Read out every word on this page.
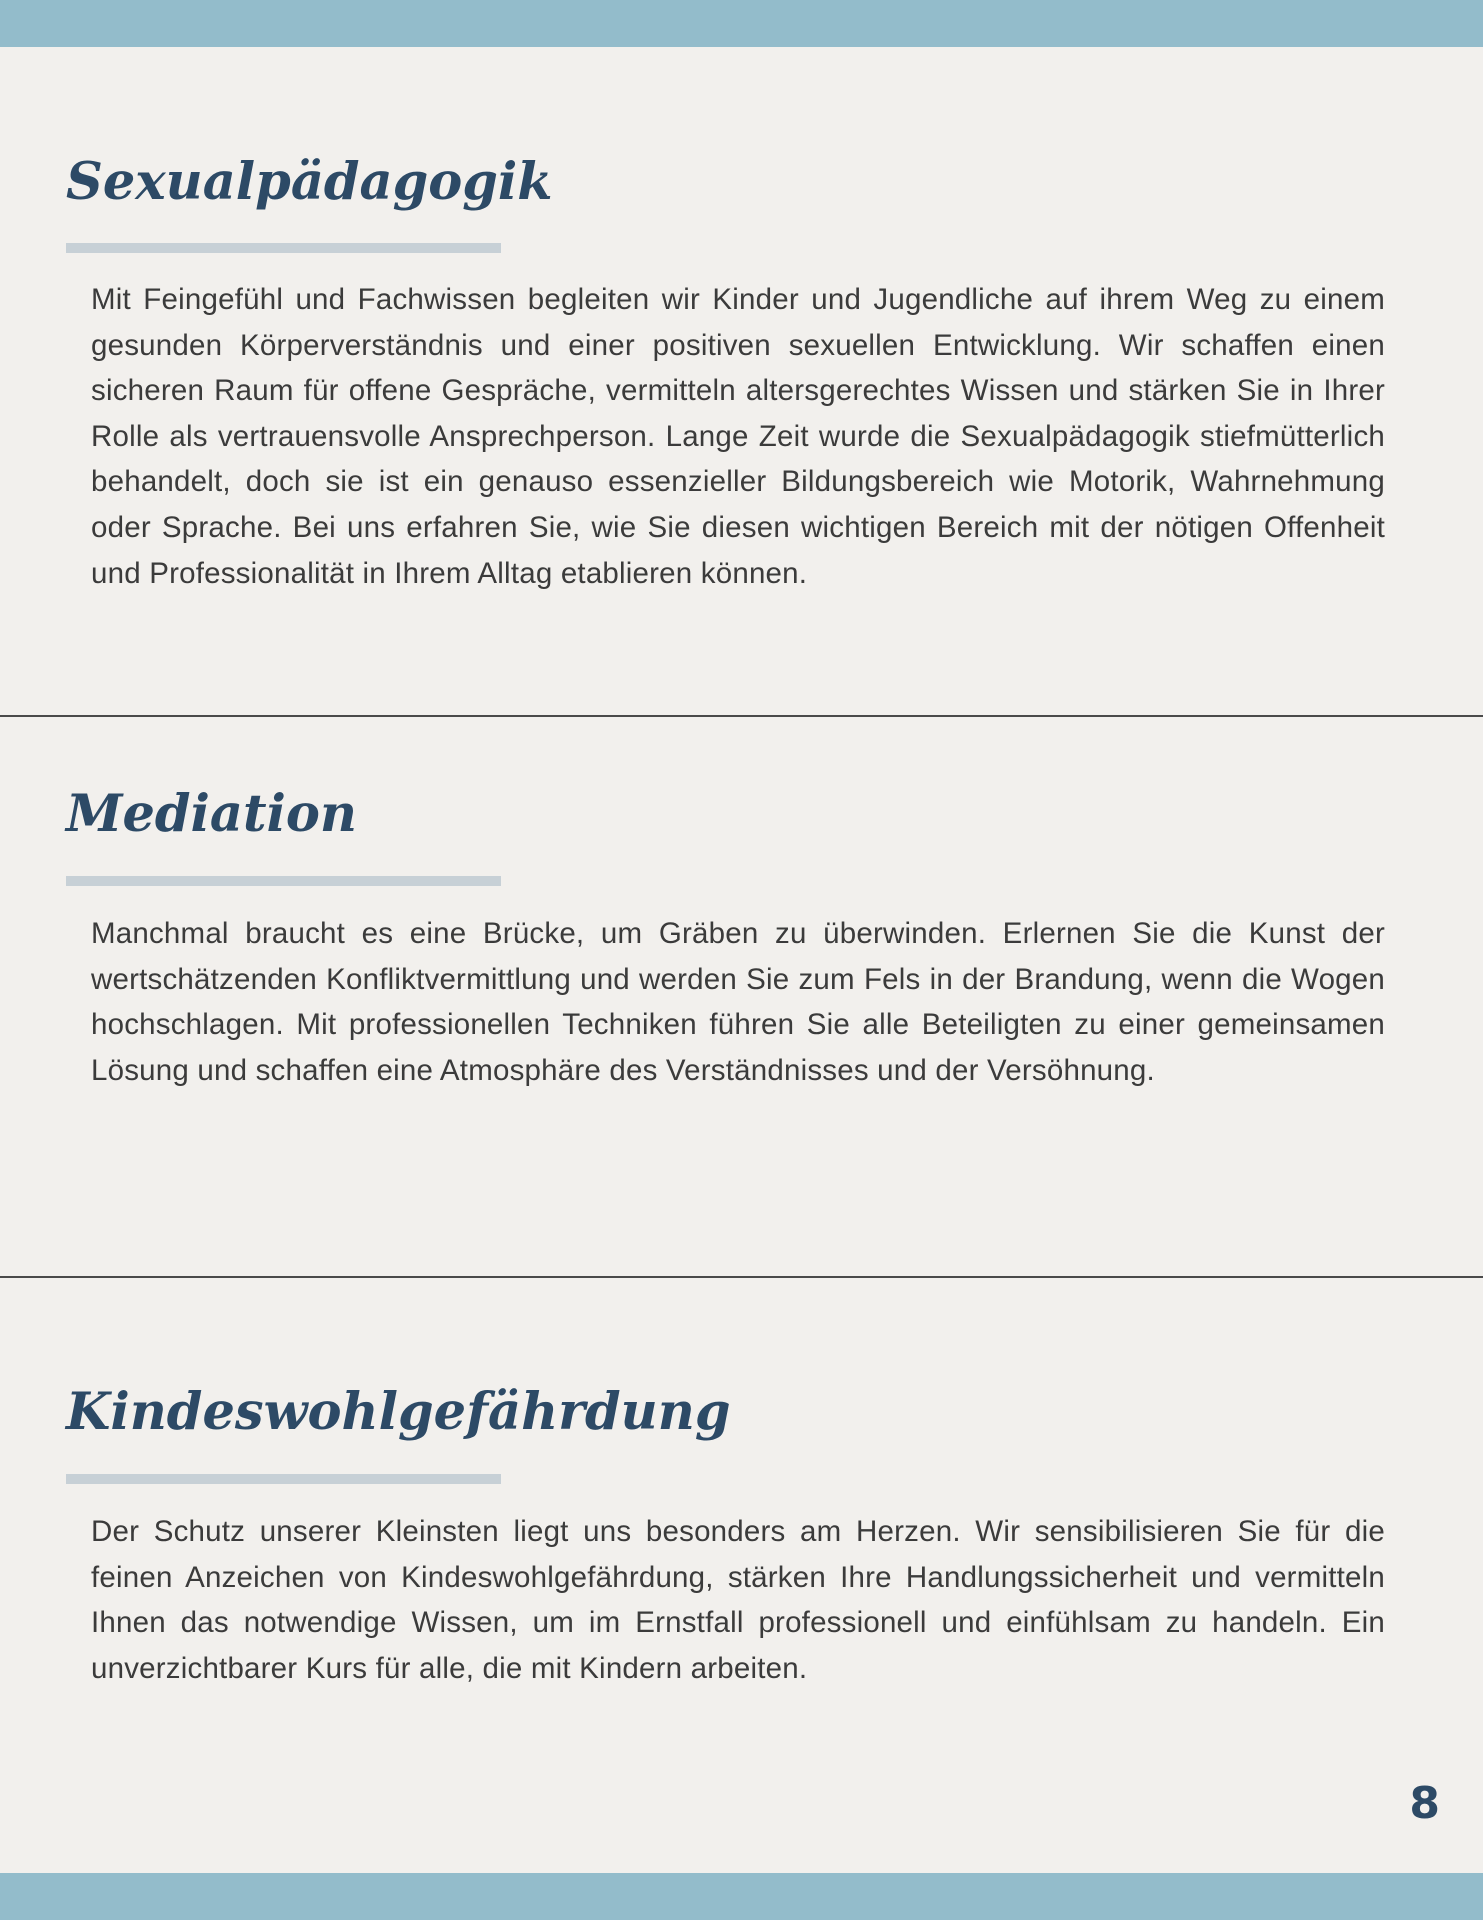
Sexualpädagogik

Mit Feingefühl und Fachwissen begleiten wir Kinder und Jugendliche auf ihrem Weg zu einem gesunden Körperverständnis und einer positiven sexuellen Entwicklung. Wir schaffen einen sicheren Raum für offene Gespräche, vermitteln altersgerechtes Wissen und stärken Sie in Ihrer Rolle als vertrauensvolle Ansprechperson. Lange Zeit wurde die Sexualpädagogik stiefmütterlich behandelt, doch sie ist ein genauso essenzieller Bildungsbereich wie Motorik, Wahrnehmung oder Sprache. Bei uns erfahren Sie, wie Sie diesen wichtigen Bereich mit der nötigen Offenheit und Professionalität in Ihrem Alltag etablieren können.

Mediation

Manchmal braucht es eine Brücke, um Gräben zu überwinden. Erlernen Sie die Kunst der wertschätzenden Konfliktvermittlung und werden Sie zum Fels in der Brandung, wenn die Wogen hochschlagen. Mit professionellen Techniken führen Sie alle Beteiligten zu einer gemeinsamen Lösung und schaffen eine Atmosphäre des Verständnisses und der Versöhnung.

Kindeswohlgefährdung

Der Schutz unserer Kleinsten liegt uns besonders am Herzen. Wir sensibilisieren Sie für die feinen Anzeichen von Kindeswohlgefährdung, stärken Ihre Handlungssicherheit und vermitteln Ihnen das notwendige Wissen, um im Ernstfall professionell und einfühlsam zu handeln. Ein unverzichtbarer Kurs für alle, die mit Kindern arbeiten.

8
